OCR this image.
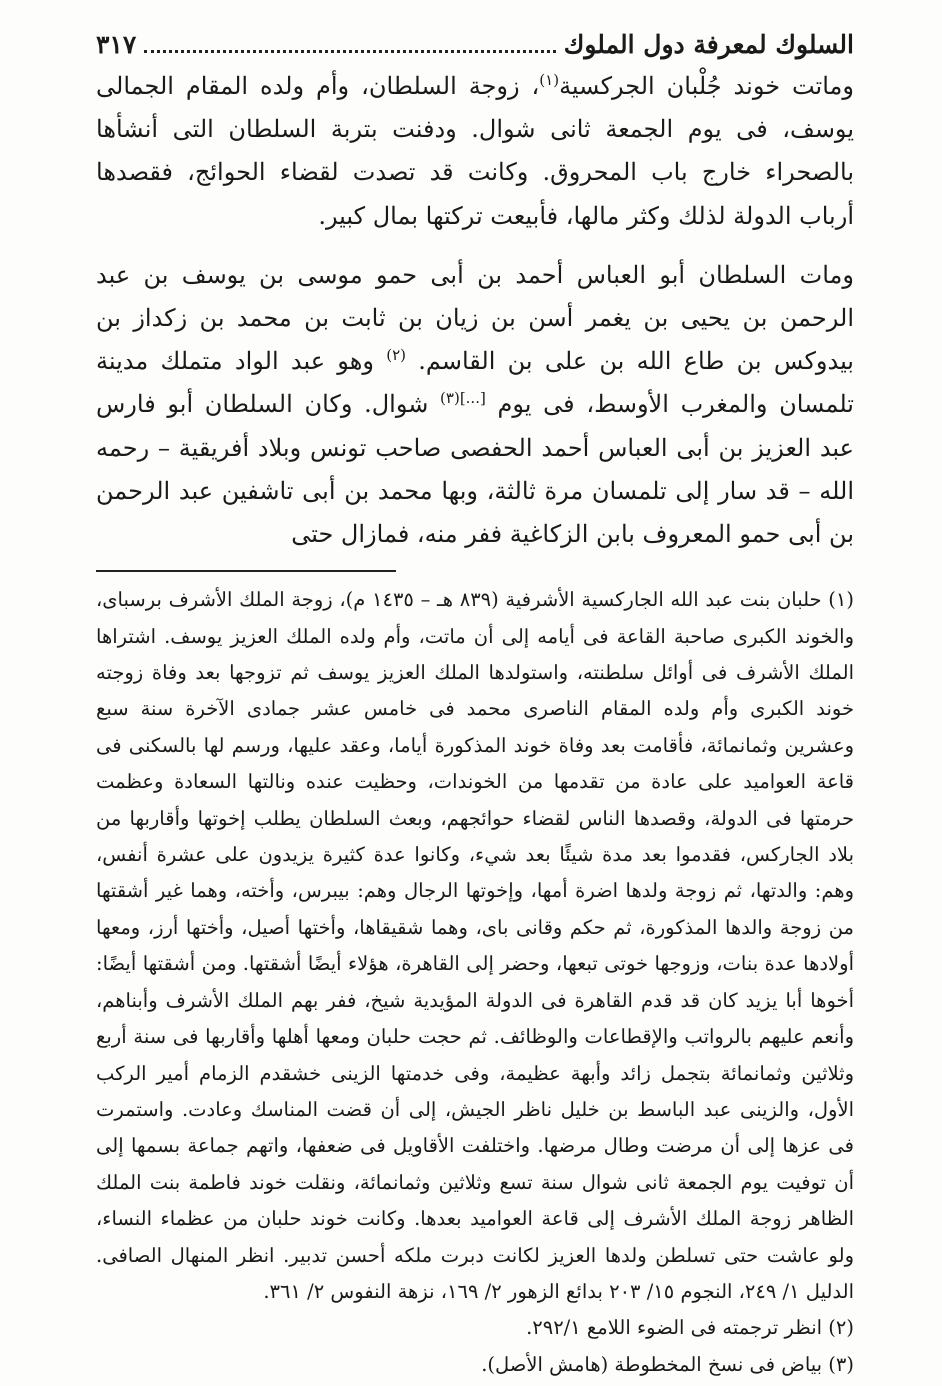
السلوك لمعرفة دول الملوك
٣١٧

وماتت خوند جُلْبان الجركسية$^{(١)}$، زوجة السلطان، وأم ولده المقام الجمالى يوسف، فى يوم الجمعة ثانى شوال. ودفنت بتربة السلطان التى أنشأها بالصحراء خارج باب المحروق. وكانت قد تصدت لقضاء الحوائج، فقصدها أرباب الدولة لذلك وكثر مالها، فأبيعت تركتها بمال كبير.

ومات السلطان أبو العباس أحمد بن أبى حمو موسى بن يوسف بن عبد الرحمن بن يحيى بن يغمر أسن بن زيان بن ثابت بن محمد بن زكداز بن بيدوكس بن طاع الله بن على بن القاسم. $^{(٢)}$ وهو عبد الواد متملك مدينة تلمسان والمغرب الأوسط، فى يوم $^{[...](٣)}$ شوال. وكان السلطان أبو فارس عبد العزيز بن أبى العباس أحمد الحفصى صاحب تونس وبلاد أفريقية – رحمه الله – قد سار إلى تلمسان مرة ثالثة، وبها محمد بن أبى تاشفين عبد الرحمن بن أبى حمو المعروف بابن الزكاغية ففر منه، فمازال حتى

(١) حلبان بنت عبد الله الجاركسية الأشرفية (٨٣٩ هـ – ١٤٣٥ م)، زوجة الملك الأشرف برسباى، والخوند الكبرى صاحبة القاعة فى أيامه إلى أن ماتت، وأم ولده الملك العزيز يوسف. اشتراها الملك الأشرف فى أوائل سلطنته، واستولدها الملك العزيز يوسف ثم تزوجها بعد وفاة زوجته خوند الكبرى وأم ولده المقام الناصرى محمد فى خامس عشر جمادى الآخرة سنة سبع وعشرين وثمانمائة، فأقامت بعد وفاة خوند المذكورة أياما، وعقد عليها، ورسم لها بالسكنى فى قاعة العواميد على عادة من تقدمها من الخوندات، وحظيت عنده ونالتها السعادة وعظمت حرمتها فى الدولة، وقصدها الناس لقضاء حوائجهم، وبعث السلطان يطلب إخوتها وأقاربها من بلاد الجاركس، فقدموا بعد مدة شيئًا بعد شيء، وكانوا عدة كثيرة يزيدون على عشرة أنفس، وهم: والدتها، ثم زوجة ولدها اضرة أمها، وإخوتها الرجال وهم: بيبرس، وأخته، وهما غير أشقتها من زوجة والدها المذكورة، ثم حكم وقانى باى، وهما شقيقاها، وأختها أصيل، وأختها أرز، ومعها أولادها عدة بنات، وزوجها خوتى تبعها، وحضر إلى القاهرة، هؤلاء أيضًا أشقتها. ومن أشقتها أيضًا: أخوها أبا يزيد كان قد قدم القاهرة فى الدولة المؤيدية شيخ، ففر بهم الملك الأشرف وأبناهم، وأنعم عليهم بالرواتب والإقطاعات والوظائف. ثم حجت حلبان ومعها أهلها وأقاربها فى سنة أربع وثلاثين وثمانمائة بتجمل زائد وأبهة عظيمة، وفى خدمتها الزينى خشقدم الزمام أمير الركب الأول، والزينى عبد الباسط بن خليل ناظر الجيش، إلى أن قضت المناسك وعادت. واستمرت فى عزها إلى أن مرضت وطال مرضها. واختلفت الأقاويل فى ضعفها، واتهم جماعة بسمها إلى أن توفيت يوم الجمعة ثانى شوال سنة تسع وثلاثين وثمانمائة، ونقلت خوند فاطمة بنت الملك الظاهر زوجة الملك الأشرف إلى قاعة العواميد بعدها. وكانت خوند حلبان من عظماء النساء، ولو عاشت حتى تسلطن ولدها العزيز لكانت دبرت ملكه أحسن تدبير. انظر المنهال الصافى. الدليل ١/ ٢٤٩، النجوم ١٥/ ٢٠٣ بدائع الزهور ٢/ ١٦٩، نزهة النفوس ٢/ ٣٦١.

(٢) انظر ترجمته فى الضوء اللامع ٢٩٢/١.

(٣) بياض فى نسخ المخطوطة (هامش الأصل).
